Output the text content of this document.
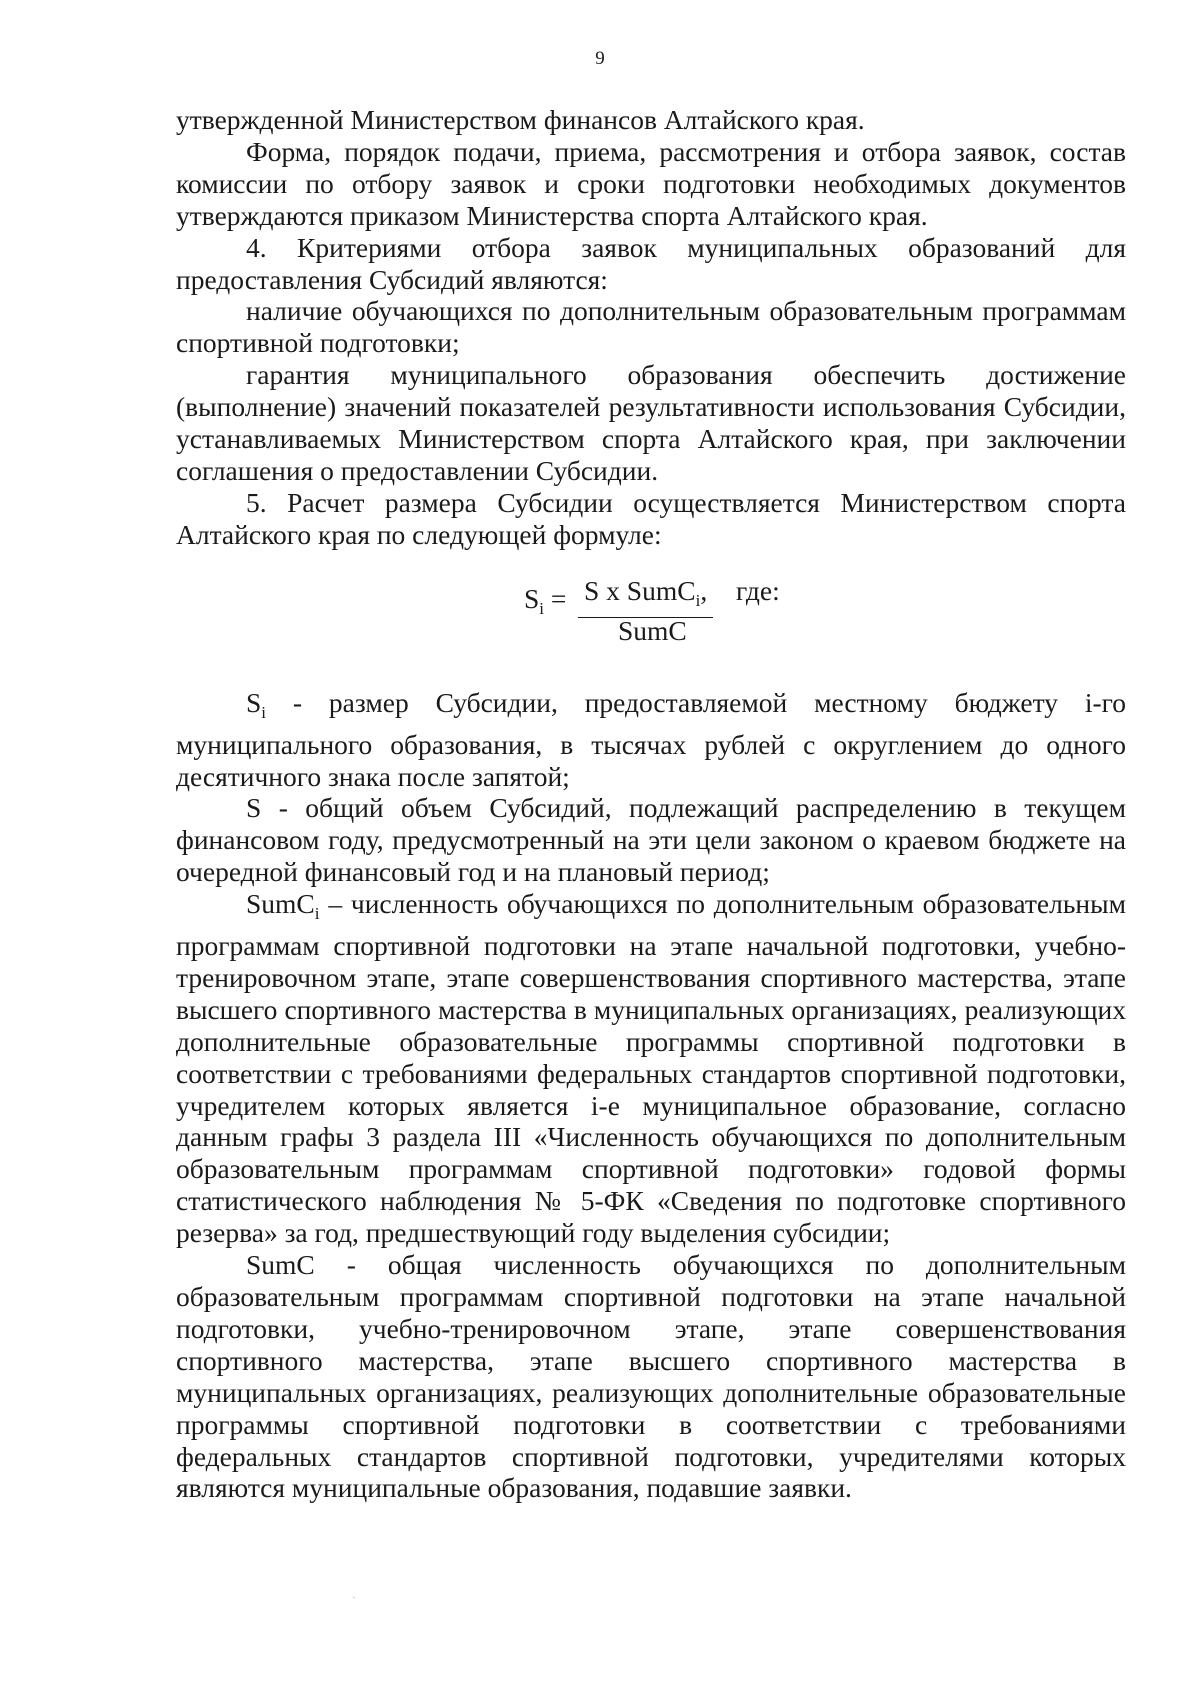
9

утвержденной Министерством финансов Алтайского края.

Форма, порядок подачи, приема, рассмотрения и отбора заявок, состав комиссии по отбору заявок и сроки подготовки необходимых документов утверждаются приказом Министерства спорта Алтайского края.

4. Критериями отбора заявок муниципальных образований для предоставления Субсидий являются:

наличие обучающихся по дополнительным образовательным программам спортивной подготовки;

гарантия муниципального образования обеспечить достижение (выполнение) значений показателей результативности использования Субсидии, устанавливаемых Министерством спорта Алтайского края, при заключении соглашения о предоставлении Субсидии.

5. Расчет размера Субсидии осуществляется Министерством спорта Алтайского края по следующей формуле:

$S_i = S$ x SumC$_i$, где:
SumC

$S_i$ - размер Субсидии, предоставляемой местному бюджету i-го муниципального образования, в тысячах рублей с округлением до одного десятичного знака после запятой;

S - общий объем Субсидий, подлежащий распределению в текущем финансовом году, предусмотренный на эти цели законом о краевом бюджете на очередной финансовый год и на плановый период;

SumC$_i$ – численность обучающихся по дополнительным образовательным программам спортивной подготовки на этапе начальной подготовки, учебно-тренировочном этапе, этапе совершенствования спортивного мастерства, этапе высшего спортивного мастерства в муниципальных организациях, реализующих дополнительные образовательные программы спортивной подготовки в соответствии с требованиями федеральных стандартов спортивной подготовки, учредителем которых является i-е муниципальное образование, согласно данным графы 3 раздела III «Численность обучающихся по дополнительным образовательным программам спортивной подготовки» годовой формы статистического наблюдения № 5-ФК «Сведения по подготовке спортивного резерва» за год, предшествующий году выделения субсидии;

SumC - общая численность обучающихся по дополнительным образовательным программам спортивной подготовки на этапе начальной подготовки, учебно-тренировочном этапе, этапе совершенствования спортивного мастерства, этапе высшего спортивного мастерства в муниципальных организациях, реализующих дополнительные образовательные программы спортивной подготовки в соответствии с требованиями федеральных стандартов спортивной подготовки, учредителями которых являются муниципальные образования, подавшие заявки.

ˎ
